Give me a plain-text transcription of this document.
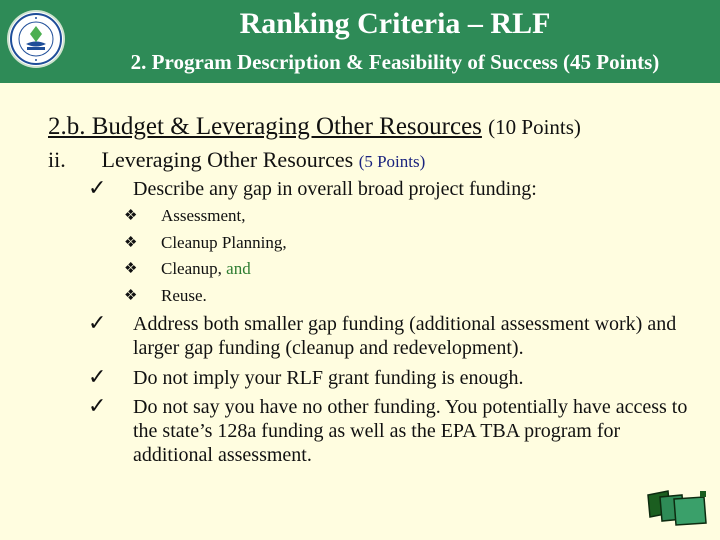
Ranking Criteria – RLF
2. Program Description & Feasibility of Success (45 Points)
2.b. Budget & Leveraging Other Resources (10 Points)
ii. Leveraging Other Resources (5 Points)
✓ Describe any gap in overall broad project funding:
❖ Assessment,
❖ Cleanup Planning,
❖ Cleanup, and
❖ Reuse.
✓ Address both smaller gap funding (additional assessment work) and larger gap funding (cleanup and redevelopment).
✓ Do not imply your RLF grant funding is enough.
✓ Do not say you have no other funding. You potentially have access to the state’s 128a funding as well as the EPA TBA program for additional assessment.
